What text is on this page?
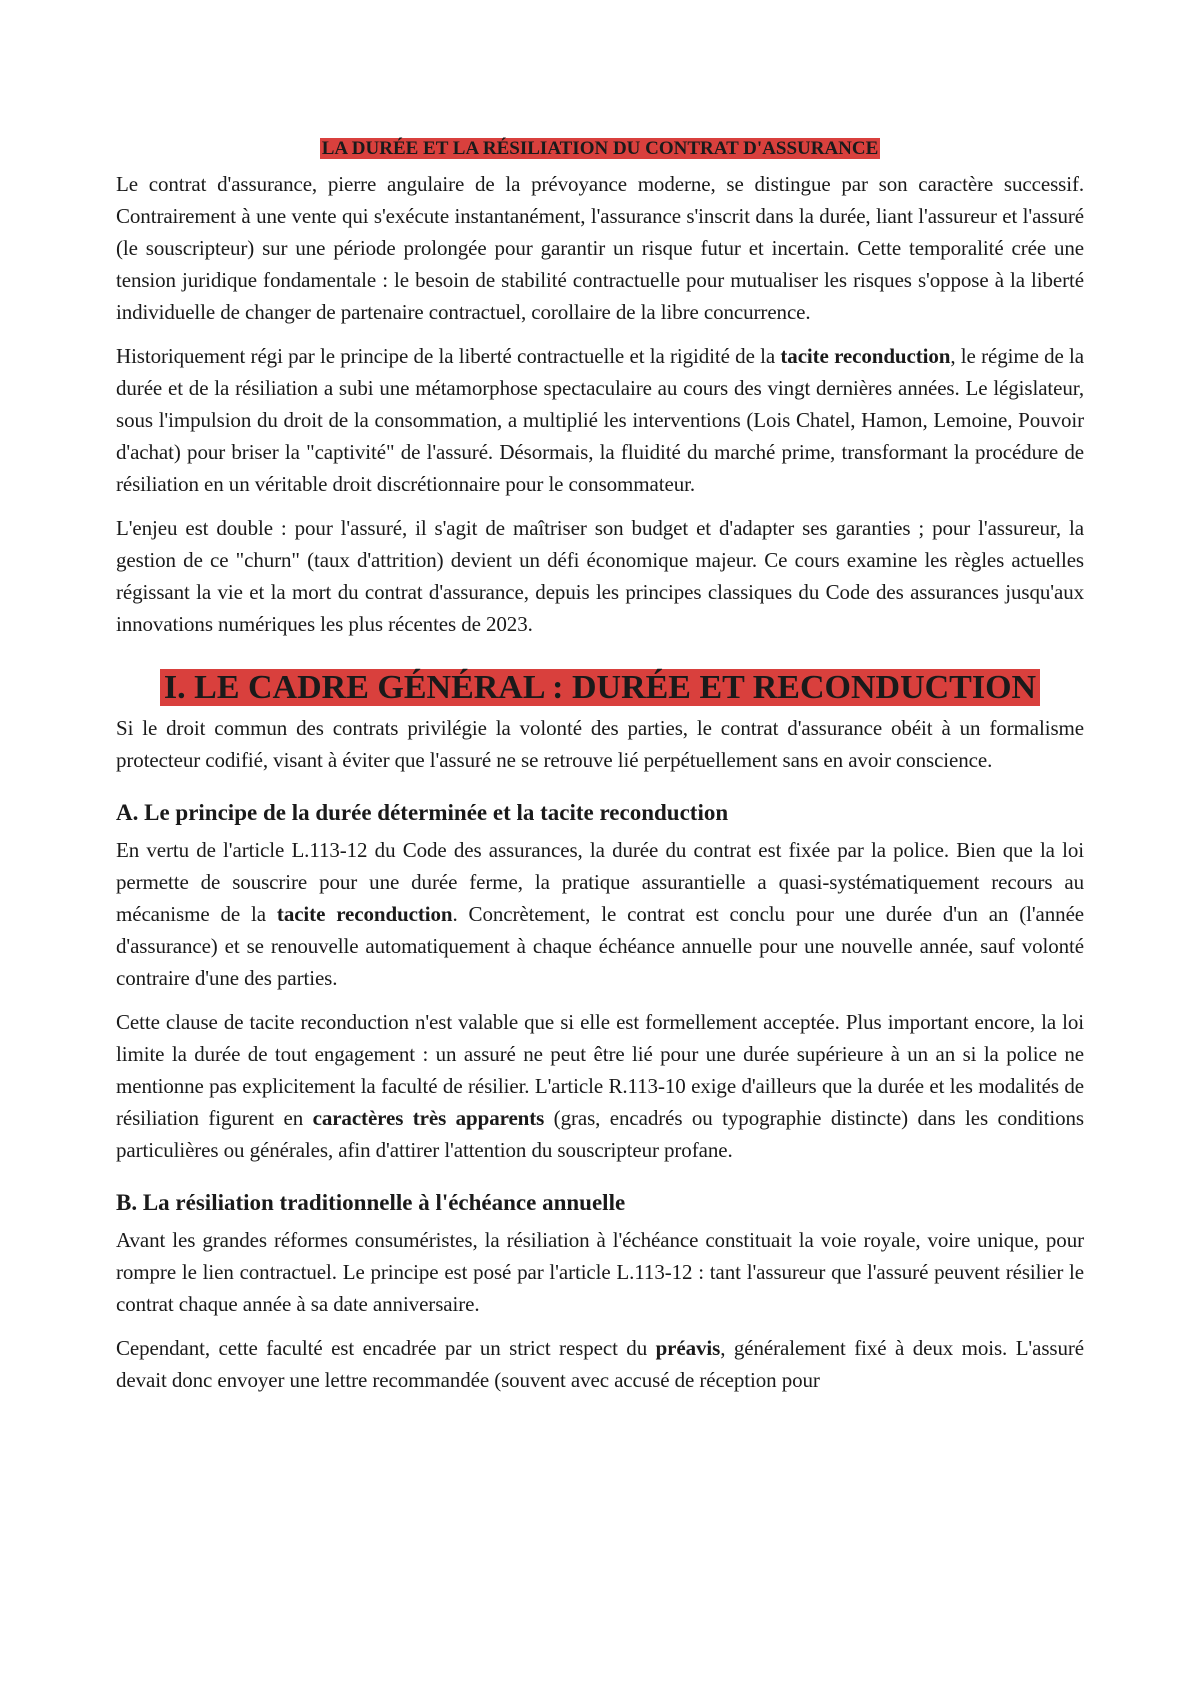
LA DURÉE ET LA RÉSILIATION DU CONTRAT D'ASSURANCE

Le contrat d'assurance, pierre angulaire de la prévoyance moderne, se distingue par son caractère successif. Contrairement à une vente qui s'exécute instantanément, l'assurance s'inscrit dans la durée, liant l'assureur et l'assuré (le souscripteur) sur une période prolongée pour garantir un risque futur et incertain. Cette temporalité crée une tension juridique fondamentale : le besoin de stabilité contractuelle pour mutualiser les risques s'oppose à la liberté individuelle de changer de partenaire contractuel, corollaire de la libre concurrence.

Historiquement régi par le principe de la liberté contractuelle et la rigidité de la tacite reconduction, le régime de la durée et de la résiliation a subi une métamorphose spectaculaire au cours des vingt dernières années. Le législateur, sous l'impulsion du droit de la consommation, a multiplié les interventions (Lois Chatel, Hamon, Lemoine, Pouvoir d'achat) pour briser la "captivité" de l'assuré. Désormais, la fluidité du marché prime, transformant la procédure de résiliation en un véritable droit discrétionnaire pour le consommateur.

L'enjeu est double : pour l'assuré, il s'agit de maîtriser son budget et d'adapter ses garanties ; pour l'assureur, la gestion de ce "churn" (taux d'attrition) devient un défi économique majeur. Ce cours examine les règles actuelles régissant la vie et la mort du contrat d'assurance, depuis les principes classiques du Code des assurances jusqu'aux innovations numériques les plus récentes de 2023.

I. LE CADRE GÉNÉRAL : DURÉE ET RECONDUCTION

Si le droit commun des contrats privilégie la volonté des parties, le contrat d'assurance obéit à un formalisme protecteur codifié, visant à éviter que l'assuré ne se retrouve lié perpétuellement sans en avoir conscience.

A. Le principe de la durée déterminée et la tacite reconduction

En vertu de l'article L.113-12 du Code des assurances, la durée du contrat est fixée par la police. Bien que la loi permette de souscrire pour une durée ferme, la pratique assurantielle a quasi-systématiquement recours au mécanisme de la tacite reconduction. Concrètement, le contrat est conclu pour une durée d'un an (l'année d'assurance) et se renouvelle automatiquement à chaque échéance annuelle pour une nouvelle année, sauf volonté contraire d'une des parties.

Cette clause de tacite reconduction n'est valable que si elle est formellement acceptée. Plus important encore, la loi limite la durée de tout engagement : un assuré ne peut être lié pour une durée supérieure à un an si la police ne mentionne pas explicitement la faculté de résilier. L'article R.113-10 exige d'ailleurs que la durée et les modalités de résiliation figurent en caractères très apparents (gras, encadrés ou typographie distincte) dans les conditions particulières ou générales, afin d'attirer l'attention du souscripteur profane.

B. La résiliation traditionnelle à l'échéance annuelle

Avant les grandes réformes consuméristes, la résiliation à l'échéance constituait la voie royale, voire unique, pour rompre le lien contractuel. Le principe est posé par l'article L.113-12 : tant l'assureur que l'assuré peuvent résilier le contrat chaque année à sa date anniversaire.

Cependant, cette faculté est encadrée par un strict respect du préavis, généralement fixé à deux mois. L'assuré devait donc envoyer une lettre recommandée (souvent avec accusé de réception pour
